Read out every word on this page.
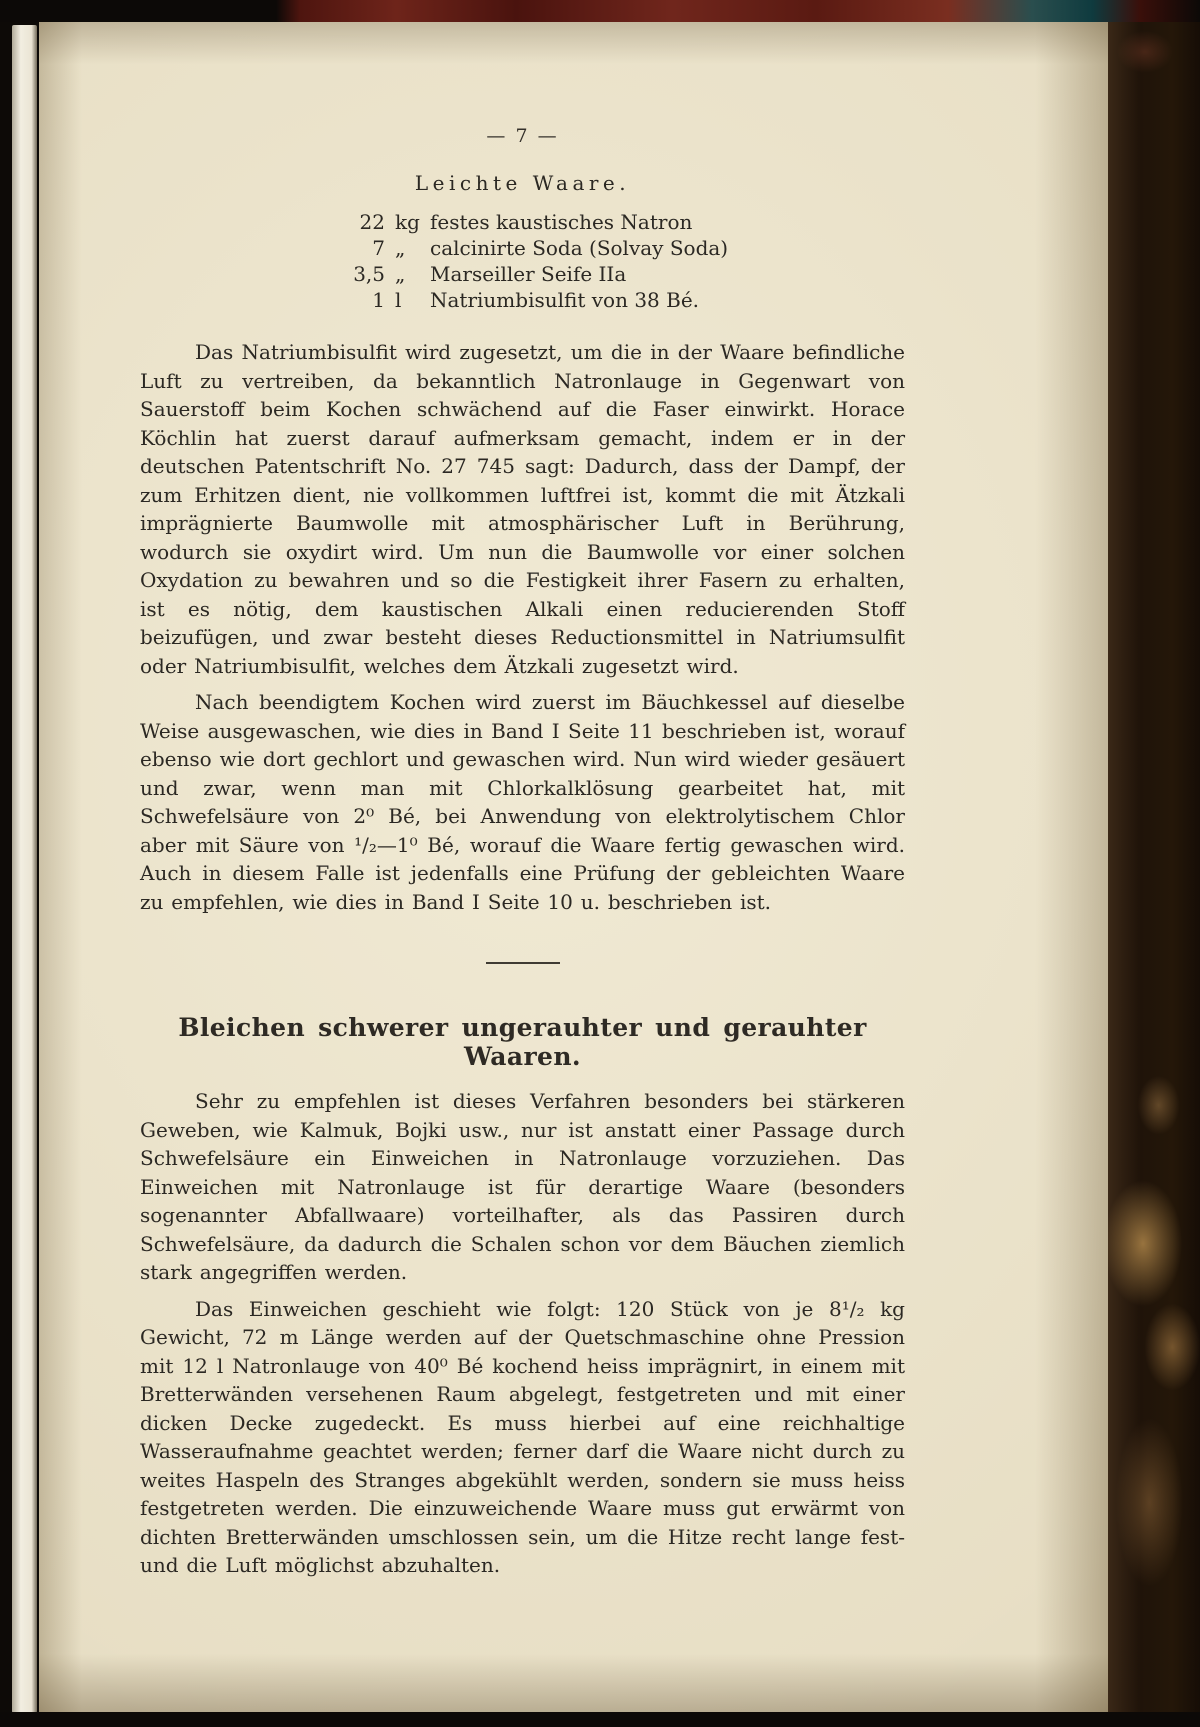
— 7 —
Leichte Waare.
22 kg festes kaustisches Natron
7 „	calcinirte Soda (Solvay Soda)
3,5 „	Marseiller Seife IIa
1 l	Natriumbisulfit von 38 Bé.

Das Natriumbisulfit wird zugesetzt, um die in der Waare befindliche Luft zu vertreiben, da bekanntlich Natronlauge in Gegenwart von Sauerstoff beim Kochen schwächend auf die Faser einwirkt. Horace Köchlin hat zuerst darauf aufmerksam gemacht, indem er in der deutschen Patentschrift No. 27 745 sagt: Dadurch, dass der Dampf, der zum Erhitzen dient, nie vollkommen luftfrei ist, kommt die mit Ätzkali imprägnierte Baumwolle mit atmosphärischer Luft in Berührung, wodurch sie oxydirt wird. Um nun die Baumwolle vor einer solchen Oxydation zu bewahren und so die Festigkeit ihrer Fasern zu erhalten, ist es nötig, dem kaustischen Alkali einen reducierenden Stoff beizufügen, und zwar besteht dieses Reductionsmittel in Natriumsulfit oder Natriumbisulfit, welches dem Ätzkali zugesetzt wird.

Nach beendigtem Kochen wird zuerst im Bäuchkessel auf dieselbe Weise ausgewaschen, wie dies in Band I Seite 11 beschrieben ist, worauf ebenso wie dort gechlort und gewaschen wird. Nun wird wieder gesäuert und zwar, wenn man mit Chlorkalklösung gearbeitet hat, mit Schwefelsäure von 2⁰ Bé, bei Anwendung von elektrolytischem Chlor aber mit Säure von ¹/₂—1⁰ Bé, worauf die Waare fertig gewaschen wird. Auch in diesem Falle ist jedenfalls eine Prüfung der gebleichten Waare zu empfehlen, wie dies in Band I Seite 10 u. beschrieben ist.

Bleichen schwerer ungerauhter und gerauhter Waaren.

Sehr zu empfehlen ist dieses Verfahren besonders bei stärkeren Geweben, wie Kalmuk, Bojki usw., nur ist anstatt einer Passage durch Schwefelsäure ein Einweichen in Natronlauge vorzuziehen. Das Einweichen mit Natronlauge ist für derartige Waare (besonders sogenannter Abfallwaare) vorteilhafter, als das Passiren durch Schwefelsäure, da dadurch die Schalen schon vor dem Bäuchen ziemlich stark angegriffen werden.

Das Einweichen geschieht wie folgt: 120 Stück von je 8¹/₂ kg Gewicht, 72 m Länge werden auf der Quetschmaschine ohne Pression mit 12 l Natronlauge von 40⁰ Bé kochend heiss imprägnirt, in einem mit Bretterwänden versehenen Raum abgelegt, festgetreten und mit einer dicken Decke zugedeckt. Es muss hierbei auf eine reichhaltige Wasseraufnahme geachtet werden; ferner darf die Waare nicht durch zu weites Haspeln des Stranges abgekühlt werden, sondern sie muss heiss festgetreten werden. Die einzuweichende Waare muss gut erwärmt von dichten Bretterwänden umschlossen sein, um die Hitze recht lange fest- und die Luft möglichst abzuhalten.
